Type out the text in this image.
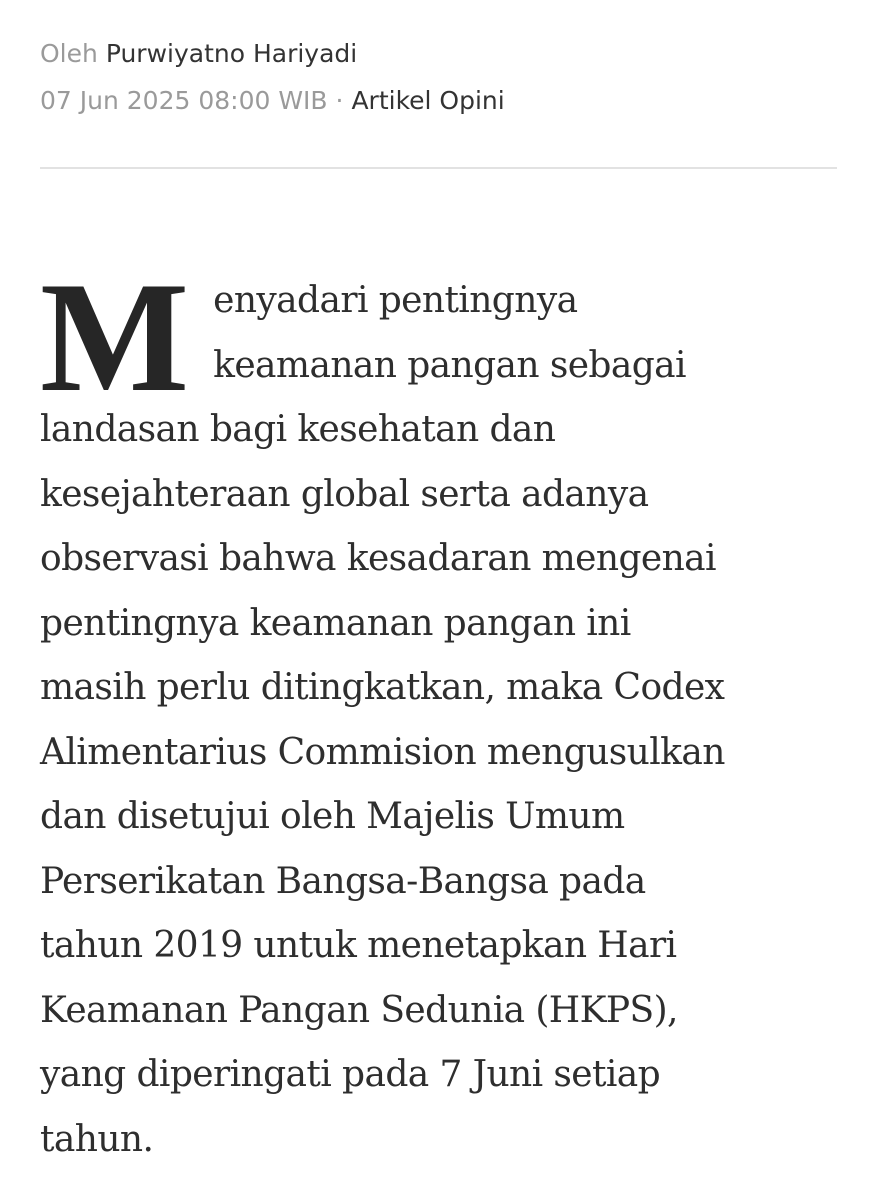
Oleh Purwiyatno Hariyadi
07 Jun 2025 08:00 WIB · Artikel Opini
M enyadari pentingnya
keamanan pangan sebagai
landasan bagi kesehatan dan
kesejahteraan global serta adanya
observasi bahwa kesadaran mengenai
pentingnya keamanan pangan ini
masih perlu ditingkatkan, maka Codex
Alimentarius Commision mengusulkan
dan disetujui oleh Majelis Umum
Perserikatan Bangsa-Bangsa pada
tahun 2019 untuk menetapkan Hari
Keamanan Pangan Sedunia (HKPS),
yang diperingati pada 7 Juni setiap
tahun.
